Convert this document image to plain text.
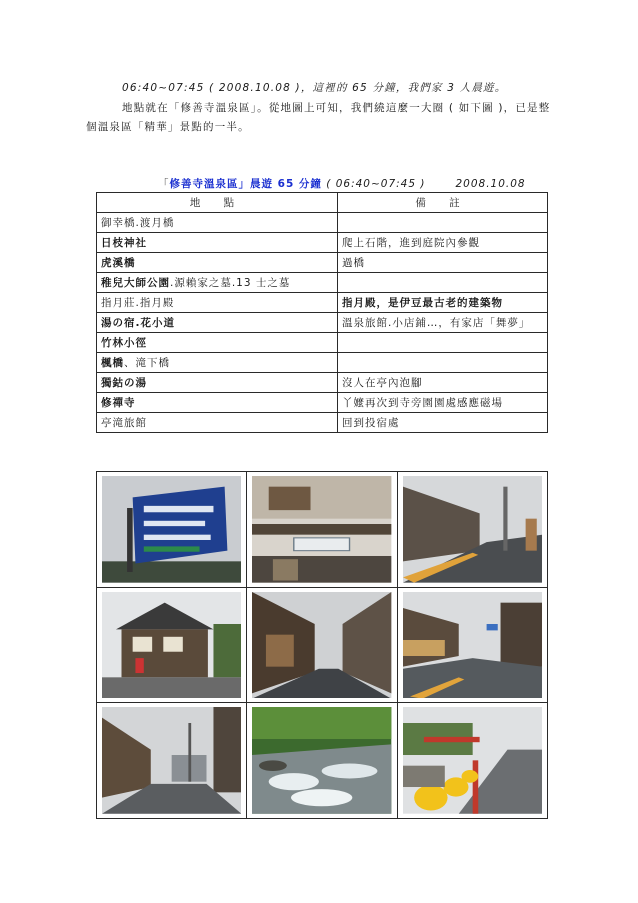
06:40~07:45 ( 2008.10.08 )，這裡的 65 分鐘，我們家 3 人晨遊。
地點就在「修善寺溫泉區」。從地圖上可知，我們繞這麼一大圈 ( 如下圖 )，已是整個溫泉區「精華」景點的一半。
「修善寺溫泉區」晨遊 65 分鐘 ( 06:40~07:45 )	2008.10.08
地 點	備 註
御幸橋.渡月橋	
日枝神社	爬上石階，進到庭院內參觀
虎溪橋	過橋
稚兒大師公園.源賴家之墓.13 士之墓	
指月莊.指月殿	指月殿，是伊豆最古老的建築物
湯の宿.花小道	溫泉旅館.小店鋪…，有家店「舞夢」
竹林小徑	
楓橋、滝下橋	
獨鈷の湯	沒人在亭內泡腳
修禪寺	丫嬤再次到寺旁園園處感應磁場
亭滝旅館	回到投宿處
